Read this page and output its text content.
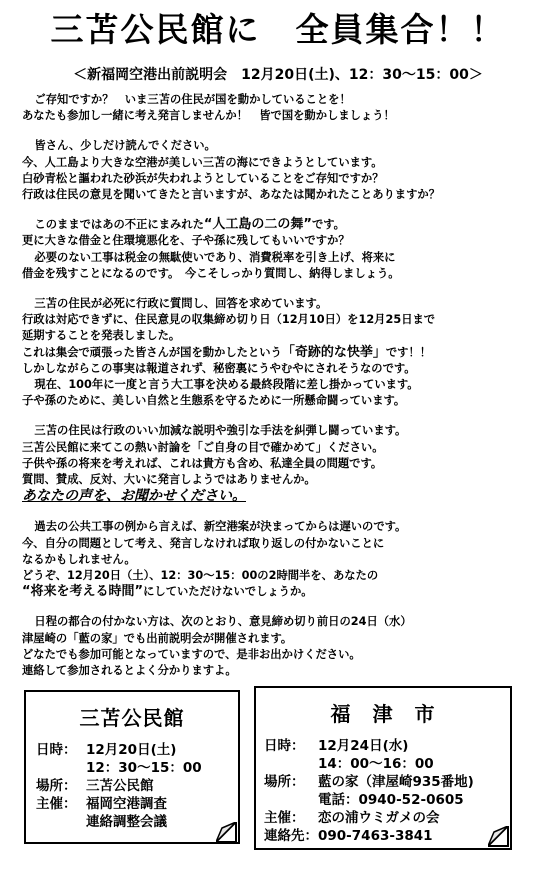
三苫公民館に　全員集合！！
＜新福岡空港出前説明会　12月20日(土)、12：30～15：00＞
ご存知ですか？　いま三苫の住民が国を動かしていることを！
あなたも参加し一緒に考え発言しませんか！　皆で国を動かしましょう！
皆さん、少しだけ読んでください。
今、人工島より大きな空港が美しい三苫の海にできようとしています。
白砂青松と謳われた砂浜が失われようとしていることをご存知ですか？
行政は住民の意見を聞いてきたと言いますが、あなたは聞かれたことありますか？
このままではあの不正にまみれた“人工島の二の舞”です。
更に大きな借金と住環境悪化を、子や孫に残してもいいですか？
必要のない工事は税金の無駄使いであり、消費税率を引き上げ、将来に
借金を残すことになるのです。　今こそしっかり質問し、納得しましょう。
三苫の住民が必死に行政に質問し、回答を求めています。
行政は対応できずに、住民意見の収集締め切り日（12月10日）を12月25日まで
延期することを発表しました。
これは集会で頑張った皆さんが国を動かしたという「奇跡的な快挙」です！！
しかしながらこの事実は報道されず、秘密裏にうやむやにされそうなのです。
現在、100年に一度と言う大工事を決める最終段階に差し掛かっています。
子や孫のために、美しい自然と生態系を守るために一所懸命闘っています。
三苫の住民は行政のいい加減な説明や強引な手法を糾弾し闘っています。
三苫公民館に来てこの熱い討論を「ご自身の目で確かめて」ください。
子供や孫の将来を考えれば、これは貴方も含め、私達全員の問題です。
質問、賛成、反対、大いに発言しようではありませんか。
あなたの声を、お聞かせください。
過去の公共工事の例から言えば、新空港案が決まってからは遅いのです。
今、自分の問題として考え、発言しなければ取り返しの付かないことに
なるかもしれません。
どうぞ、12月20日（土）、12：30～15：00の2時間半を、あなたの
“将来を考える時間”にしていただけないでしょうか。
日程の都合の付かない方は、次のとおり、意見締め切り前日の24日（水）
津屋崎の「藍の家」でも出前説明会が開催されます。
どなたでも参加可能となっていますので、是非お出かけください。
連絡して参加されるとよく分かりますよ。
三苫公民館
日時： 12月20日(土)
12：30～15：00
場所： 三苫公民館
主催： 福岡空港調査
連絡調整会議
福　津　市
日時：	12月24日(水)
14：00～16：00
場所：	藍の家（津屋崎935番地)
電話：0940-52-0605
主催：	恋の浦ウミガメの会
連絡先： 090-7463-3841
